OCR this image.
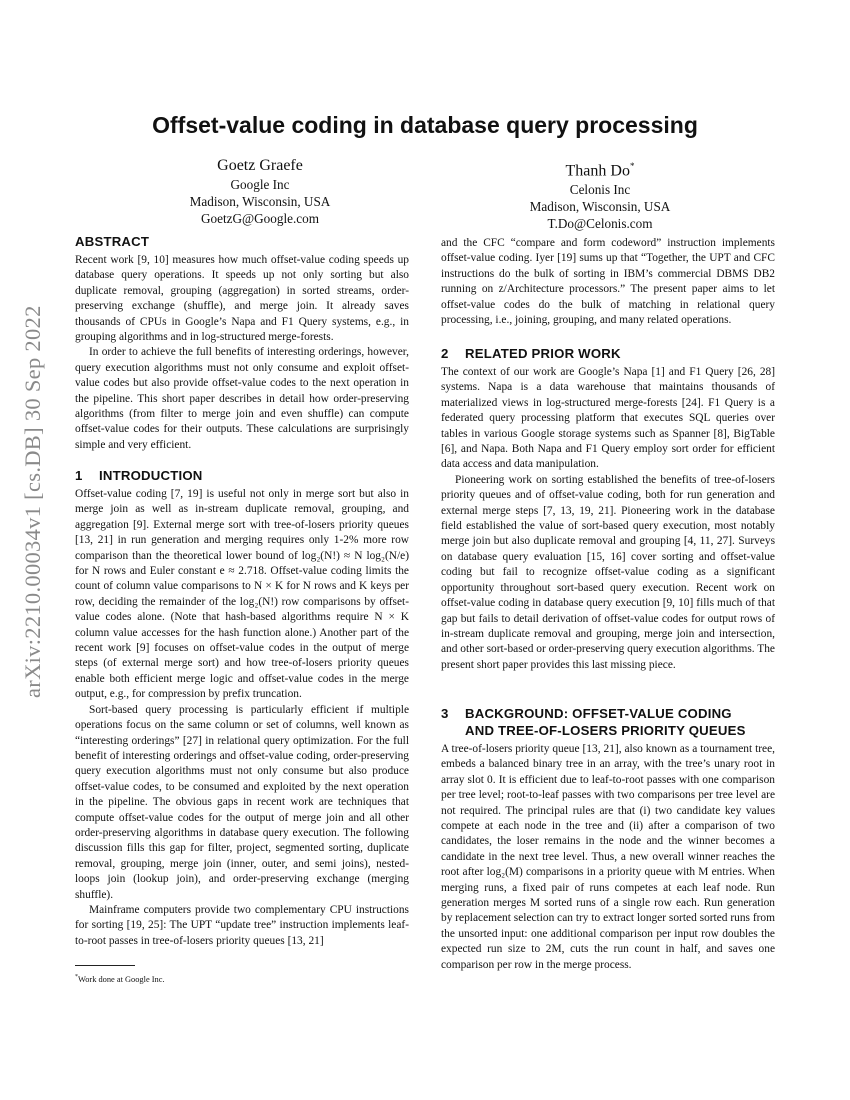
arXiv:2210.00034v1 [cs.DB] 30 Sep 2022
Offset-value coding in database query processing
Goetz Graefe
Google Inc
Madison, Wisconsin, USA
GoetzG@Google.com
Thanh Do*
Celonis Inc
Madison, Wisconsin, USA
T.Do@Celonis.com
ABSTRACT

Recent work [9, 10] measures how much offset-value coding speeds up database query operations. It speeds up not only sorting but also duplicate removal, grouping (aggregation) in sorted streams, order-preserving exchange (shuffle), and merge join. It already saves thousands of CPUs in Google’s Napa and F1 Query systems, e.g., in grouping algorithms and in log-structured merge-forests.

In order to achieve the full benefits of interesting orderings, however, query execution algorithms must not only consume and exploit offset-value codes but also provide offset-value codes to the next operation in the pipeline. This short paper describes in detail how order-preserving algorithms (from filter to merge join and even shuffle) can compute offset-value codes for their outputs. These calculations are surprisingly simple and very efficient.

1 INTRODUCTION

Offset-value coding [7, 19] is useful not only in merge sort but also in merge join as well as in-stream duplicate removal, grouping, and aggregation [9]. External merge sort with tree-of-losers priority queues [13, 21] in run generation and merging requires only 1-2% more row comparison than the theoretical lower bound of log₂(N!) ≈ N log₂(N/e) for N rows and Euler constant e ≈ 2.718. Offset-value coding limits the count of column value comparisons to N × K for N rows and K keys per row, deciding the remainder of the log₂(N!) row comparisons by offset-value codes alone. (Note that hash-based algorithms require N × K column value accesses for the hash function alone.) Another part of the recent work [9] focuses on offset-value codes in the output of merge steps (of external merge sort) and how tree-of-losers priority queues enable both efficient merge logic and offset-value codes in the merge output, e.g., for compression by prefix truncation.

Sort-based query processing is particularly efficient if multiple operations focus on the same column or set of columns, well known as “interesting orderings” [27] in relational query optimization. For the full benefit of interesting orderings and offset-value coding, order-preserving query execution algorithms must not only consume but also produce offset-value codes, to be consumed and exploited by the next operation in the pipeline. The obvious gaps in recent work are techniques that compute offset-value codes for the output of merge join and all other order-preserving algorithms in database query execution. The following discussion fills this gap for filter, project, segmented sorting, duplicate removal, grouping, merge join (inner, outer, and semi joins), nested-loops join (lookup join), and order-preserving exchange (merging shuffle).

Mainframe computers provide two complementary CPU instructions for sorting [19, 25]: The UPT “update tree” instruction implements leaf-to-root passes in tree-of-losers priority queues [13, 21]

*Work done at Google Inc.

and the CFC “compare and form codeword” instruction implements offset-value coding. Iyer [19] sums up that “Together, the UPT and CFC instructions do the bulk of sorting in IBM’s commercial DBMS DB2 running on z/Architecture processors.” The present paper aims to let offset-value codes do the bulk of matching in relational query processing, i.e., joining, grouping, and many related operations.

2 RELATED PRIOR WORK

The context of our work are Google’s Napa [1] and F1 Query [26, 28] systems. Napa is a data warehouse that maintains thousands of materialized views in log-structured merge-forests [24]. F1 Query is a federated query processing platform that executes SQL queries over tables in various Google storage systems such as Spanner [8], BigTable [6], and Napa. Both Napa and F1 Query employ sort order for efficient data access and data manipulation.

Pioneering work on sorting established the benefits of tree-of-losers priority queues and of offset-value coding, both for run generation and external merge steps [7, 13, 19, 21]. Pioneering work in the database field established the value of sort-based query execution, most notably merge join but also duplicate removal and grouping [4, 11, 27]. Surveys on database query evaluation [15, 16] cover sorting and offset-value coding but fail to recognize offset-value coding as a significant opportunity throughout sort-based query execution. Recent work on offset-value coding in database query execution [9, 10] fills much of that gap but fails to detail derivation of offset-value codes for output rows of in-stream duplicate removal and grouping, merge join and intersection, and other sort-based or order-preserving query execution algorithms. The present short paper provides this last missing piece.

3 BACKGROUND: OFFSET-VALUE CODING
AND TREE-OF-LOSERS PRIORITY QUEUES

A tree-of-losers priority queue [13, 21], also known as a tournament tree, embeds a balanced binary tree in an array, with the tree’s unary root in array slot 0. It is efficient due to leaf-to-root passes with one comparison per tree level; root-to-leaf passes with two comparisons per tree level are not required. The principal rules are that (i) two candidate key values compete at each node in the tree and (ii) after a comparison of two candidates, the loser remains in the node and the winner becomes a candidate in the next tree level. Thus, a new overall winner reaches the root after log₂(M) comparisons in a priority queue with M entries. When merging runs, a fixed pair of runs competes at each leaf node. Run generation merges M sorted runs of a single row each. Run generation by replacement selection can try to extract longer sorted sorted runs from the unsorted input: one additional comparison per input row doubles the expected run size to 2M, cuts the run count in half, and saves one comparison per row in the merge process.
